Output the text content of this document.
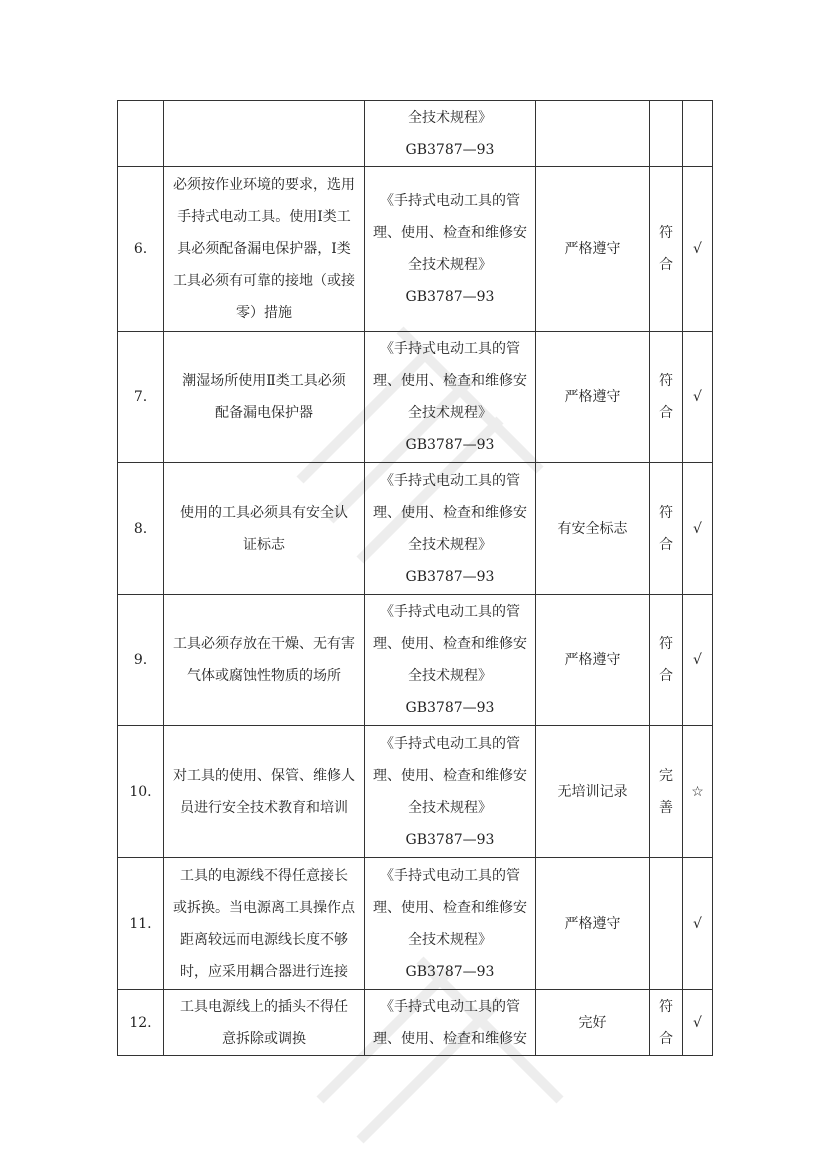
		全技术规程》
GB3787—93			
6.	必须按作业环境的要求，选用
手持式电动工具。使用Ⅰ类工
具必须配备漏电保护器，Ⅰ类
工具必须有可靠的接地（或接
零）措施	《手持式电动工具的管
理、使用、检查和维修安
全技术规程》
GB3787—93	严格遵守	符
合	√
7.	潮湿场所使用Ⅱ类工具必须
配备漏电保护器	《手持式电动工具的管
理、使用、检查和维修安
全技术规程》
GB3787—93	严格遵守	符
合	√
8.	使用的工具必须具有安全认
证标志	《手持式电动工具的管
理、使用、检查和维修安
全技术规程》
GB3787—93	有安全标志	符
合	√
9.	工具必须存放在干燥、无有害
气体或腐蚀性物质的场所	《手持式电动工具的管
理、使用、检查和维修安
全技术规程》
GB3787—93	严格遵守	符
合	√
10.	对工具的使用、保管、维修人
员进行安全技术教育和培训	《手持式电动工具的管
理、使用、检查和维修安
全技术规程》
GB3787—93	无培训记录	完
善	☆
11.	工具的电源线不得任意接长
或拆换。当电源离工具操作点
距离较远而电源线长度不够
时，应采用耦合器进行连接	《手持式电动工具的管
理、使用、检查和维修安
全技术规程》
GB3787—93	严格遵守		√
12.	工具电源线上的插头不得任
意拆除或调换	《手持式电动工具的管
理、使用、检查和维修安	完好	符
合	√
